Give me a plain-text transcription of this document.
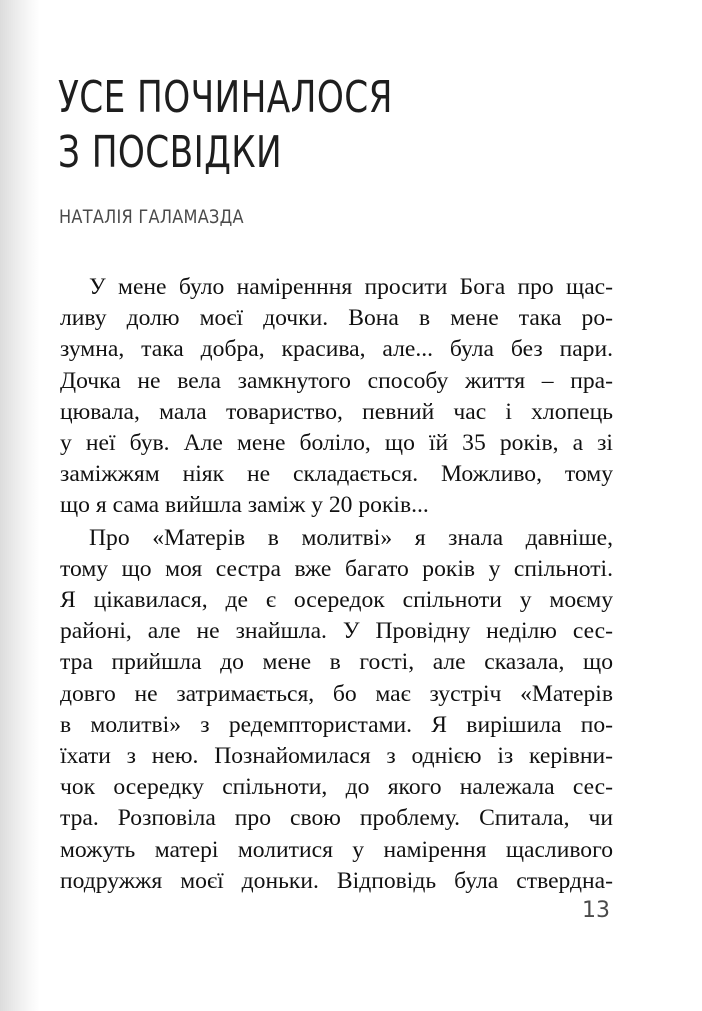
УСЕ ПОЧИНАЛОСЯ
З ПОСВІДКИ
НАТАЛІЯ ГАЛАМАЗДА
У мене було наміренння просити Бога про щас-
ливу долю моєї дочки. Вона в мене така ро-
зумна, така добра, красива, але... була без пари.
Дочка не вела замкнутого способу життя – пра-
цювала, мала товариство, певний час і хлопець
у неї був. Але мене боліло, що їй 35 років, а зі
заміжжям ніяк не складається. Можливо, тому
що я сама вийшла заміж у 20 років...
Про «Матерів в молитві» я знала давніше,
тому що моя сестра вже багато років у спільноті.
Я цікавилася, де є осередок спільноти у моєму
районі, але не знайшла. У Провідну неділю сес-
тра прийшла до мене в гості, але сказала, що
довго не затримається, бо має зустріч «Матерів
в молитві» з редемптористами. Я вирішила по-
їхати з нею. Познайомилася з однією із керівни-
чок осередку спільноти, до якого належала сес-
тра. Розповіла про свою проблему. Спитала, чи
можуть матері молитися у намірення щасливого
подружжя моєї доньки. Відповідь була ствердна-
13
